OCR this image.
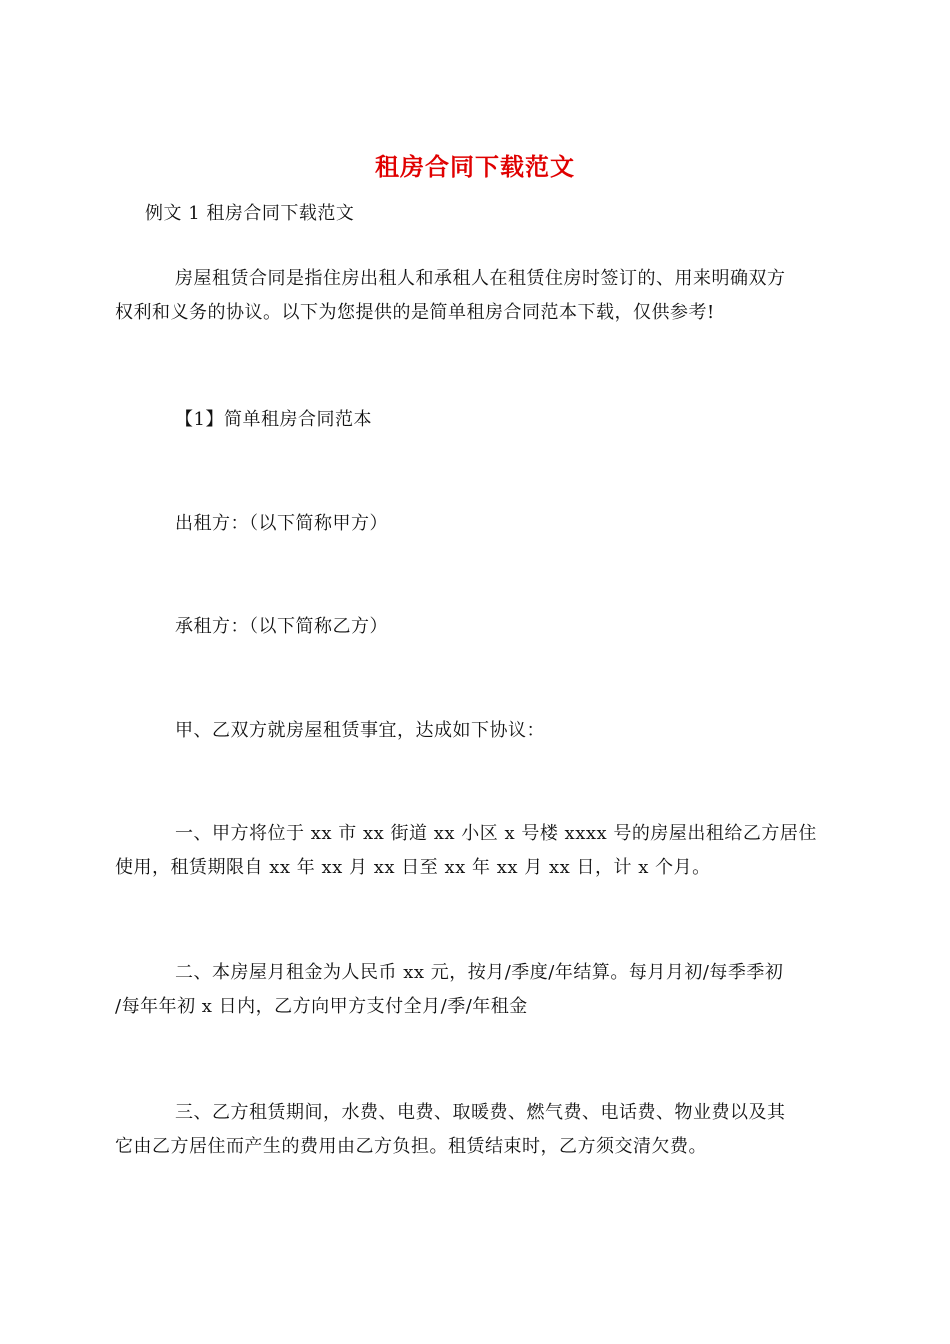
租房合同下载范文
例文 1 租房合同下载范文
房屋租赁合同是指住房出租人和承租人在租赁住房时签订的、用来明确双方
权利和义务的协议。以下为您提供的是简单租房合同范本下载，仅供参考!
【1】简单租房合同范本
出租方：（以下简称甲方）
承租方：（以下简称乙方）
甲、乙双方就房屋租赁事宜，达成如下协议：
一、甲方将位于 xx 市 xx 街道 xx 小区 x 号楼 xxxx 号的房屋出租给乙方居住
使用，租赁期限自 xx 年 xx 月 xx 日至 xx 年 xx 月 xx 日，计 x 个月。
二、本房屋月租金为人民币 xx 元，按月/季度/年结算。每月月初/每季季初
/每年年初 x 日内，乙方向甲方支付全月/季/年租金
三、乙方租赁期间，水费、电费、取暖费、燃气费、电话费、物业费以及其
它由乙方居住而产生的费用由乙方负担。租赁结束时，乙方须交清欠费。
